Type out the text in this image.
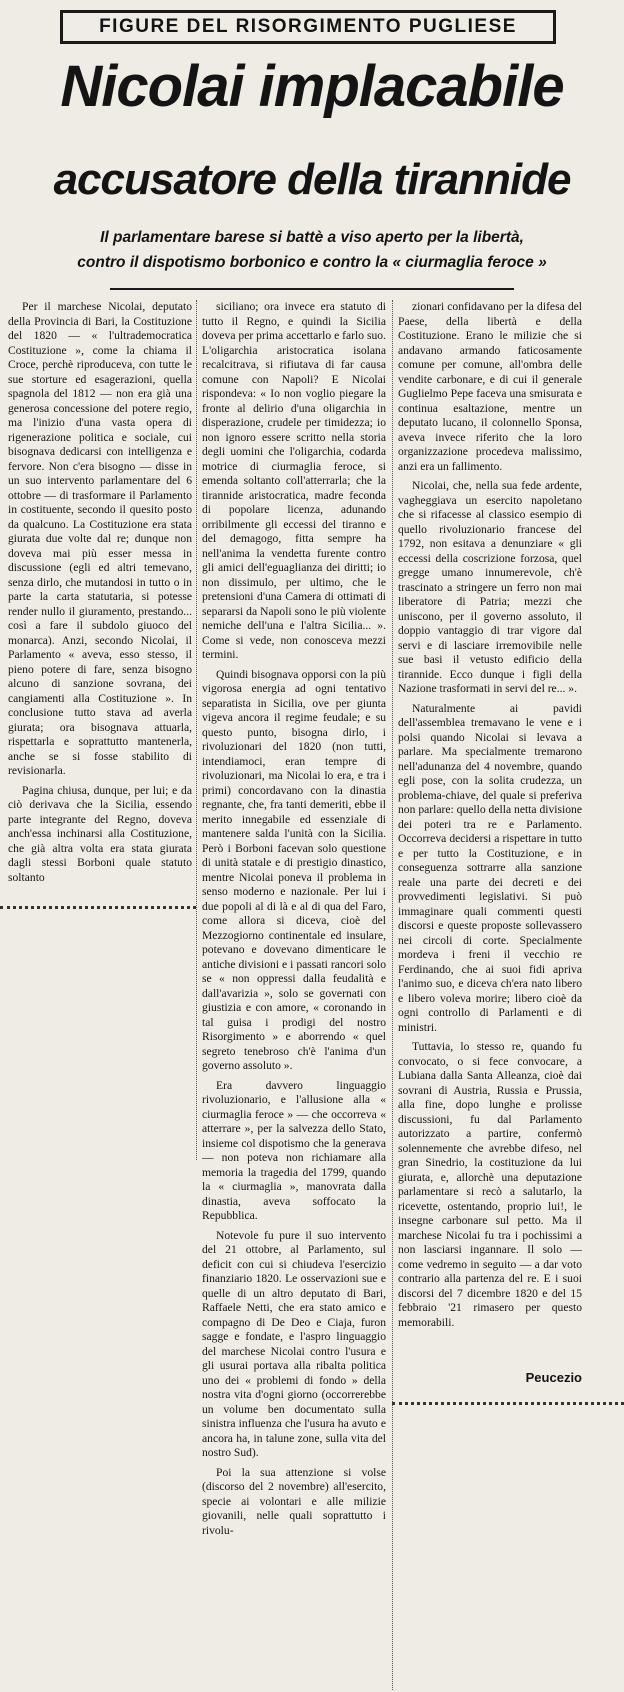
FIGURE DEL RISORGIMENTO PUGLIESE
Nicolai implacabile
accusatore della tirannide
Il parlamentare barese si battè a viso aperto per la libertà,
contro il dispotismo borbonico e contro la « ciurmaglia feroce »

Per il marchese Nicolai, deputato della Provincia di Bari, la Costituzione del 1820 — « l'ultrademocratica Costituzione », come la chiama il Croce, perchè riproduceva, con tutte le sue storture ed esagerazioni, quella spagnola del 1812 — non era già una generosa concessione del potere regio, ma l'inizio d'una vasta opera di rigenerazione politica e sociale, cui bisognava dedicarsi con intelligenza e fervore. Non c'era bisogno — disse in un suo intervento parlamentare del 6 ottobre — di trasformare il Parlamento in costituente, secondo il quesito posto da qualcuno. La Costituzione era stata giurata due volte dal re; dunque non doveva mai più esser messa in discussione (egli ed altri temevano, senza dirlo, che mutandosi in tutto o in parte la carta statutaria, si potesse render nullo il giuramento, prestando... così a fare il subdolo giuoco del monarca). Anzi, secondo Nicolai, il Parlamento « aveva, esso stesso, il pieno potere di fare, senza bisogno alcuno di sanzione sovrana, dei cangiamenti alla Costituzione ». In conclusione tutto stava ad averla giurata; ora bisognava attuarla, rispettarla e soprattutto mantenerla, anche se si fosse stabilito di revisionarla.

Pagina chiusa, dunque, per lui; e da ciò derivava che la Sicilia, essendo parte integrante del Regno, doveva anch'essa inchinarsi alla Costituzione, che già altra volta era stata giurata dagli stessi Borboni quale statuto soltanto

siciliano; ora invece era statuto di tutto il Regno, e quindi la Sicilia doveva per prima accettarlo e farlo suo. L'oligarchia aristocratica isolana recalcitrava, si rifiutava di far causa comune con Napoli? E Nicolai rispondeva: « Io non voglio piegare la fronte al delirio d'una oligarchia in disperazione, crudele per timidezza; io non ignoro essere scritto nella storia degli uomini che l'oligarchia, codarda motrice di ciurmaglia feroce, si emenda soltanto coll'atterrarla; che la tirannide aristocratica, madre feconda di popolare licenza, adunando orribilmente gli eccessi del tiranno e del demagogo, fitta sempre ha nell'anima la vendetta furente contro gli amici dell'eguaglianza dei diritti; io non dissimulo, per ultimo, che le pretensioni d'una Camera di ottimati di separarsi da Napoli sono le più violente nemiche dell'una e l'altra Sicilia... ». Come si vede, non conosceva mezzi termini.

Quindi bisognava opporsi con la più vigorosa energia ad ogni tentativo separatista in Sicilia, ove per giunta vigeva ancora il regime feudale; e su questo punto, bisogna dirlo, i rivoluzionari del 1820 (non tutti, intendiamoci, eran tempre di rivoluzionari, ma Nicolai lo era, e tra i primi) concordavano con la dinastia regnante, che, fra tanti demeriti, ebbe il merito innegabile ed essenziale di mantenere salda l'unità con la Sicilia. Però i Borboni facevan solo questione di unità statale e di prestigio dinastico, mentre Nicolai poneva il problema in senso moderno e nazionale. Per lui i due popoli al di là e al di qua del Faro, come allora si diceva, cioè del Mezzogiorno continentale ed insulare, potevano e dovevano dimenticare le antiche divisioni e i passati rancori solo se « non oppressi dalla feudalità e dall'avarizia », solo se governati con giustizia e con amore, « coronando in tal guisa i prodigi del nostro Risorgimento » e aborrendo « quel segreto tenebroso ch'è l'anima d'un governo assoluto ».

Era davvero linguaggio rivoluzionario, e l'allusione alla « ciurmaglia feroce » — che occorreva « atterrare », per la salvezza dello Stato, insieme col dispotismo che la generava — non poteva non richiamare alla memoria la tragedia del 1799, quando la « ciurmaglia », manovrata dalla dinastia, aveva soffocato la Repubblica.

Notevole fu pure il suo intervento del 21 ottobre, al Parlamento, sul deficit con cui si chiudeva l'esercizio finanziario 1820. Le osservazioni sue e quelle di un altro deputato di Bari, Raffaele Netti, che era stato amico e compagno di De Deo e Ciaja, furon sagge e fondate, e l'aspro linguaggio del marchese Nicolai contro l'usura e gli usurai portava alla ribalta politica uno dei « problemi di fondo » della nostra vita d'ogni giorno (occorrerebbe un volume ben documentato sulla sinistra influenza che l'usura ha avuto e ancora ha, in talune zone, sulla vita del nostro Sud).

Poi la sua attenzione si volse (discorso del 2 novembre) all'esercito, specie ai volontari e alle milizie giovanili, nelle quali soprattutto i rivolu-

zionari confidavano per la difesa del Paese, della libertà e della Costituzione. Erano le milizie che si andavano armando faticosamente comune per comune, all'ombra delle vendite carbonare, e di cui il generale Guglielmo Pepe faceva una smisurata e continua esaltazione, mentre un deputato lucano, il colonnello Sponsa, aveva invece riferito che la loro organizzazione procedeva malissimo, anzi era un fallimento.

Nicolai, che, nella sua fede ardente, vagheggiava un esercito napoletano che si rifacesse al classico esempio di quello rivoluzionario francese del 1792, non esitava a denunziare « gli eccessi della coscrizione forzosa, quel gregge umano innumerevole, ch'è trascinato a stringere un ferro non mai liberatore di Patria; mezzi che uniscono, per il governo assoluto, il doppio vantaggio di trar vigore dal servi e di lasciare irremovibile nelle sue basi il vetusto edificio della tirannide. Ecco dunque i figli della Nazione trasformati in servi del re... ».

Naturalmente ai pavidi dell'assemblea tremavano le vene e i polsi quando Nicolai si levava a parlare. Ma specialmente tremarono nell'adunanza del 4 novembre, quando egli pose, con la solita crudezza, un problema-chiave, del quale si preferiva non parlare: quello della netta divisione dei poteri tra re e Parlamento. Occorreva decidersi a rispettare in tutto e per tutto la Costituzione, e in conseguenza sottrarre alla sanzione reale una parte dei decreti e dei provvedimenti legislativi. Si può immaginare quali commenti questi discorsi e queste proposte sollevassero nei circoli di corte. Specialmente mordeva i freni il vecchio re Ferdinando, che ai suoi fidi apriva l'animo suo, e diceva ch'era nato libero e libero voleva morire; libero cioè da ogni controllo di Parlamenti e di ministri.

Tuttavia, lo stesso re, quando fu convocato, o si fece convocare, a Lubiana dalla Santa Alleanza, cioè dai sovrani di Austria, Russia e Prussia, alla fine, dopo lunghe e prolisse discussioni, fu dal Parlamento autorizzato a partire, confermò solennemente che avrebbe difeso, nel gran Sinedrio, la costituzione da lui giurata, e, allorchè una deputazione parlamentare si recò a salutarlo, la ricevette, ostentando, proprio lui!, le insegne carbonare sul petto. Ma il marchese Nicolai fu tra i pochissimi a non lasciarsi ingannare. Il solo — come vedremo in seguito — a dar voto contrario alla partenza del re. E i suoi discorsi del 7 dicembre 1820 e del 15 febbraio '21 rimasero per questo memorabili.

Peucezio
